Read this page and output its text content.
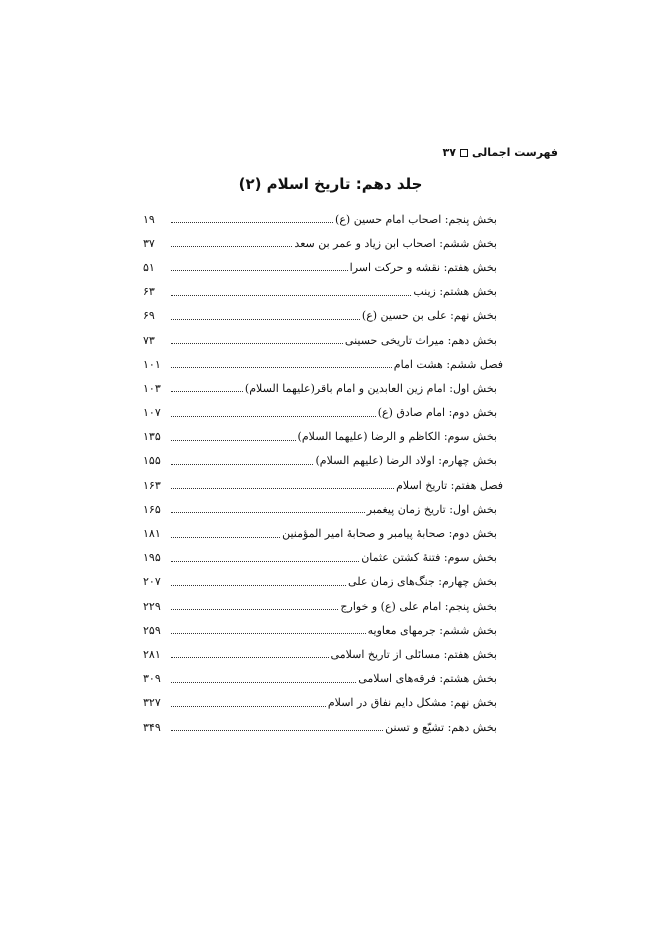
فهرست اجمالی
۳۷
جلد دهم: تاریخ اسلام (۲)
بخش پنجم: اصحاب امام حسین (ع)
۱۹
بخش ششم: اصحاب ابن زیاد و عمر بن سعد
۳۷
بخش هفتم: نقشه و حرکت اسرا
۵۱
بخش هشتم: زینب
۶۳
بخش نهم: علی بن حسین (ع)
۶۹
بخش دهم: میراث تاریخی حسینی
۷۳
فصل ششم: هشت امام
۱۰۱
بخش اول: امام زین العابدین و امام باقر(علیهما السلام)
۱۰۳
بخش دوم: امام صادق (ع)
۱۰۷
بخش سوم: الکاظم و الرضا (علیهما السلام)
۱۳۵
بخش چهارم: اولاد الرضا (علیهم السلام)
۱۵۵
فصل هفتم: تاریخ اسلام
۱۶۳
بخش اول: تاریخ زمان پیغمبر
۱۶۵
بخش دوم: صحابهٔ پیامبر و صحابهٔ امیر المؤمنین
۱۸۱
بخش سوم: فتنهٔ کشتن عثمان
۱۹۵
بخش چهارم: جنگ‌های زمان علی
۲۰۷
بخش پنجم: امام علی (ع) و خوارج
۲۲۹
بخش ششم: جرمهای معاویه
۲۵۹
بخش هفتم: مسائلی از تاریخ اسلامی
۲۸۱
بخش هشتم: فرقه‌های اسلامی
۳۰۹
بخش نهم: مشکل دایم نفاق در اسلام
۳۲۷
بخش دهم: تشیّع و تسنن
۳۴۹
